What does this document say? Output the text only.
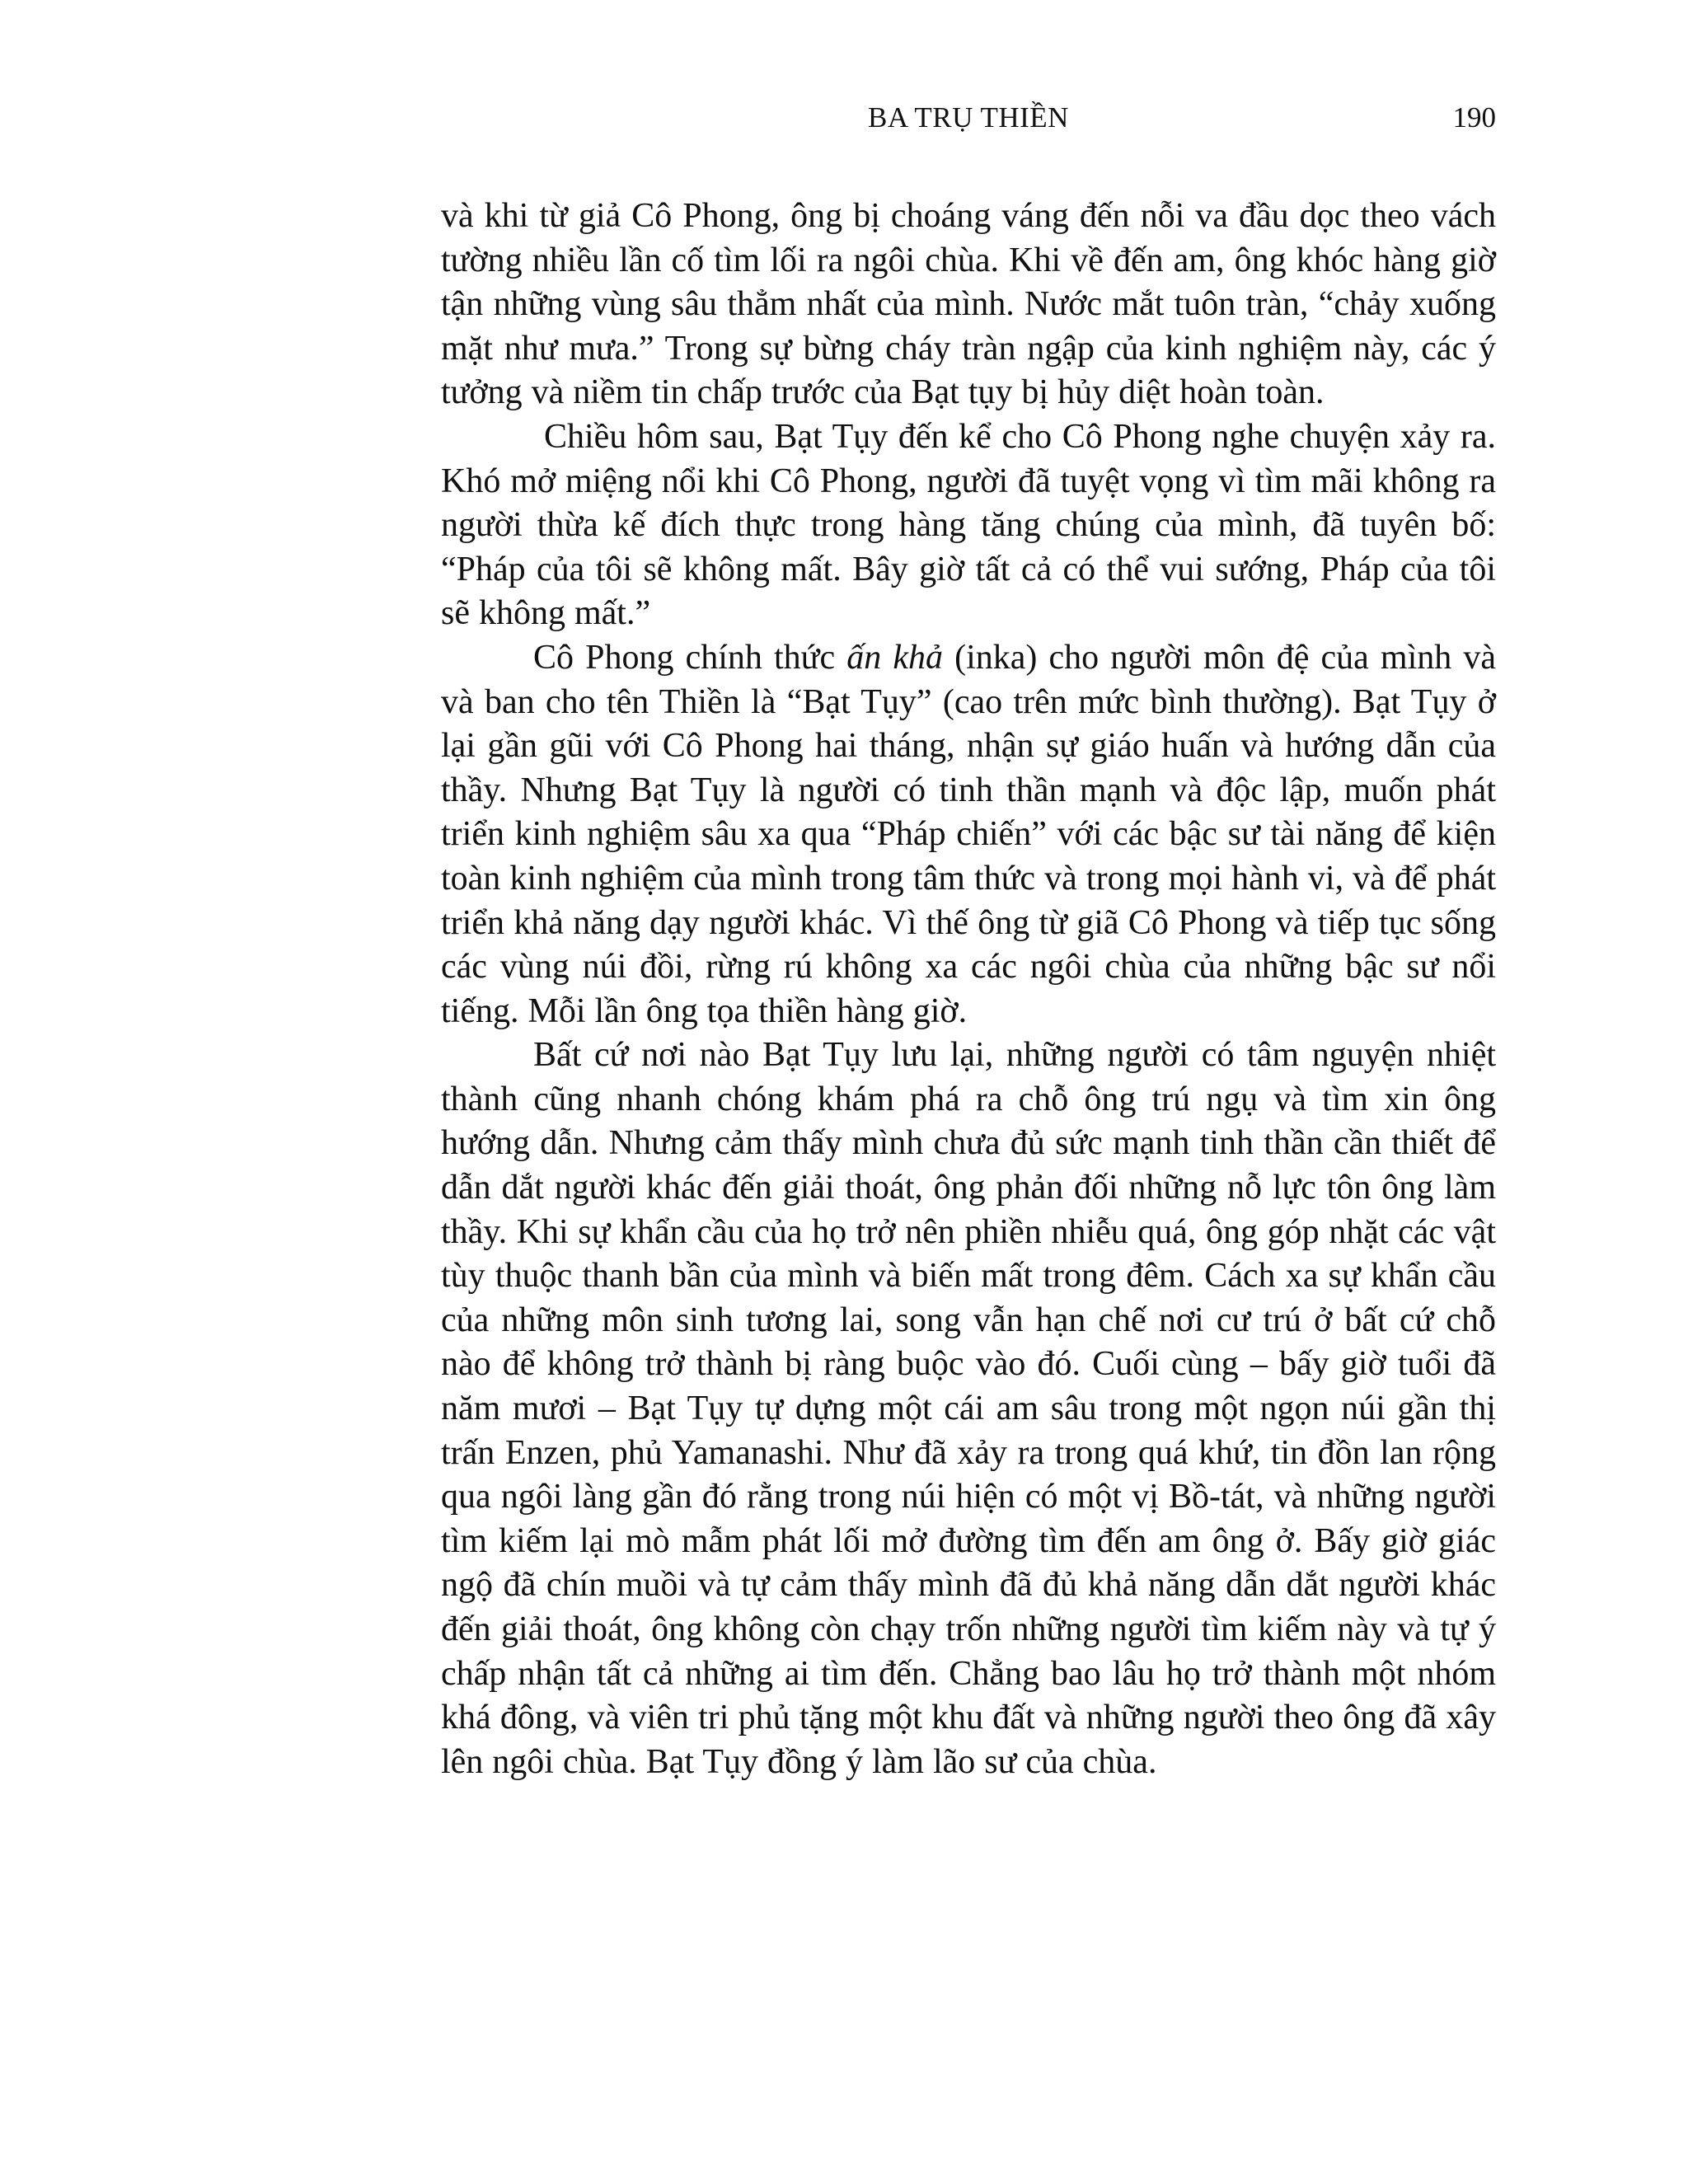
BA TRỤ THIỀN	190

và khi từ giả Cô Phong, ông bị choáng váng đến nỗi va đầu dọc theo vách tường nhiều lần cố tìm lối ra ngôi chùa. Khi về đến am, ông khóc hàng giờ tận những vùng sâu thẳm nhất của mình. Nước mắt tuôn tràn, “chảy xuống mặt như mưa.” Trong sự bừng cháy tràn ngập của kinh nghiệm này, các ý tưởng và niềm tin chấp trước của Bạt tụy bị hủy diệt hoàn toàn.

Chiều hôm sau, Bạt Tụy đến kể cho Cô Phong nghe chuyện xảy ra. Khó mở miệng nổi khi Cô Phong, người đã tuyệt vọng vì tìm mãi không ra người thừa kế đích thực trong hàng tăng chúng của mình, đã tuyên bố: “Pháp của tôi sẽ không mất. Bây giờ tất cả có thể vui sướng, Pháp của tôi sẽ không mất.”

Cô Phong chính thức ấn khả (inka) cho người môn đệ của mình và và ban cho tên Thiền là “Bạt Tụy” (cao trên mức bình thường). Bạt Tụy ở lại gần gũi với Cô Phong hai tháng, nhận sự giáo huấn và hướng dẫn của thầy. Nhưng Bạt Tụy là người có tinh thần mạnh và độc lập, muốn phát triển kinh nghiệm sâu xa qua “Pháp chiến” với các bậc sư tài năng để kiện toàn kinh nghiệm của mình trong tâm thức và trong mọi hành vi, và để phát triển khả năng dạy người khác. Vì thế ông từ giã Cô Phong và tiếp tục sống các vùng núi đồi, rừng rú không xa các ngôi chùa của những bậc sư nổi tiếng. Mỗi lần ông tọa thiền hàng giờ.

Bất cứ nơi nào Bạt Tụy lưu lại, những người có tâm nguyện nhiệt thành cũng nhanh chóng khám phá ra chỗ ông trú ngụ và tìm xin ông hướng dẫn. Nhưng cảm thấy mình chưa đủ sức mạnh tinh thần cần thiết để dẫn dắt người khác đến giải thoát, ông phản đối những nỗ lực tôn ông làm thầy. Khi sự khẩn cầu của họ trở nên phiền nhiễu quá, ông góp nhặt các vật tùy thuộc thanh bần của mình và biến mất trong đêm. Cách xa sự khẩn cầu của những môn sinh tương lai, song vẫn hạn chế nơi cư trú ở bất cứ chỗ nào để không trở thành bị ràng buộc vào đó. Cuối cùng – bấy giờ tuổi đã năm mươi – Bạt Tụy tự dựng một cái am sâu trong một ngọn núi gần thị trấn Enzen, phủ Yamanashi. Như đã xảy ra trong quá khứ, tin đồn lan rộng qua ngôi làng gần đó rằng trong núi hiện có một vị Bồ-tát, và những người tìm kiếm lại mò mẫm phát lối mở đường tìm đến am ông ở. Bấy giờ giác ngộ đã chín muồi và tự cảm thấy mình đã đủ khả năng dẫn dắt người khác đến giải thoát, ông không còn chạy trốn những người tìm kiếm này và tự ý chấp nhận tất cả những ai tìm đến. Chẳng bao lâu họ trở thành một nhóm khá đông, và viên tri phủ tặng một khu đất và những người theo ông đã xây lên ngôi chùa. Bạt Tụy đồng ý làm lão sư của chùa.
